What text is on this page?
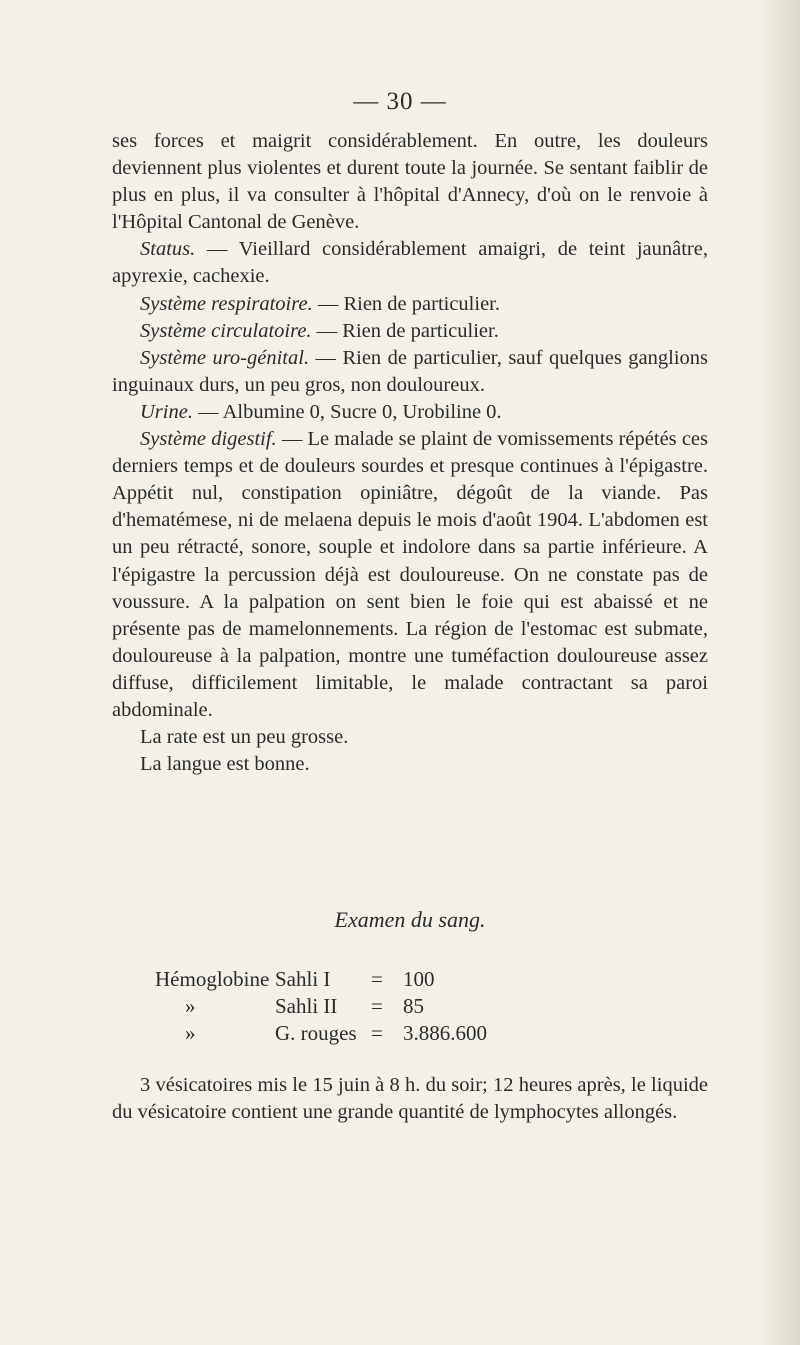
— 30 —

ses forces et maigrit considérablement. En outre, les douleurs deviennent plus violentes et durent toute la journée. Se sentant faiblir de plus en plus, il va consulter à l'hôpital d'Annecy, d'où on le renvoie à l'Hôpital Cantonal de Genève.

Status. — Vieillard considérablement amaigri, de teint jaunâtre, apyrexie, cachexie.

Système respiratoire. — Rien de particulier.

Système circulatoire. — Rien de particulier.

Système uro-génital. — Rien de particulier, sauf quelques ganglions inguinaux durs, un peu gros, non douloureux.

Urine. — Albumine 0, Sucre 0, Urobiline 0.

Système digestif. — Le malade se plaint de vomissements répétés ces derniers temps et de douleurs sourdes et presque continues à l'épigastre. Appétit nul, constipation opiniâtre, dégoût de la viande. Pas d'hematémese, ni de melaena depuis le mois d'août 1904. L'abdomen est un peu rétracté, sonore, souple et indolore dans sa partie inférieure. A l'épigastre la percussion déjà est douloureuse. On ne constate pas de voussure. A la palpation on sent bien le foie qui est abaissé et ne présente pas de mamelonnements. La région de l'estomac est submate, douloureuse à la palpation, montre une tuméfaction douloureuse assez diffuse, difficilement limitable, le malade contractant sa paroi abdominale.

La rate est un peu grosse.

La langue est bonne.

Examen du sang.
Hémoglobine Sahli I	= 100
»	Sahli II	= 85
»	G. rouges = 3.886.600

3 vésicatoires mis le 15 juin à 8 h. du soir; 12 heures après, le liquide du vésicatoire contient une grande quantité de lymphocytes allongés.
